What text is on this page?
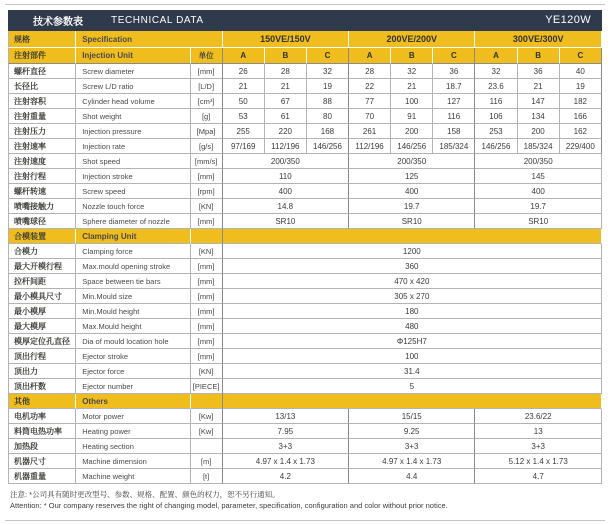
技术参数表 TECHNICAL DATA YE120W											

规格	Specification		150VE/150V			200VE/200V			300VE/300V		
注射部件	Injection Unit	单位	A	B	C	A	B	C	A	B	C
螺杆直径	Screw diameter	[mm]	26	28	32	28	32	36	32	36	40
长径比	Screw L/D ratio	[L/D]	21	21	19	22	21	18.7	23.6	21	19
注射容积	Cylinder head volume	[cm³]	50	67	88	77	100	127	116	147	182
注射重量	Shot weight	[g]	53	61	80	70	91	116	106	134	166
注射压力	Injection pressure	[Mpa]	255	220	168	261	200	158	253	200	162
注射速率	Injection rate	[g/s]	97/169	112/196	146/256	112/196	146/256	185/324	146/256	185/324	229/400
注射速度	Shot speed	[mm/s]	200/350			200/350			200/350		
注射行程	Injection stroke	[mm]	110			125			145		
螺杆转速	Screw speed	[rpm]	400			400			400		
喷嘴接触力	Nozzle touch force	[KN]	14.8			19.7			19.7		
喷嘴球径	Sphere diameter of nozzle	[mm]	SR10			SR10			SR10		
合模装置	Clamping Unit										
合模力	Clamping force	[KN]	1200								
最大开模行程	Max.mould opening stroke	[mm]	360								
拉杆间距	Space between tie bars	[mm]	470 x 420								
最小模具尺寸	Min.Mould size	[mm]	305 x 270								
最小模厚	Min.Mould height	[mm]	180								
最大模厚	Max.Mould height	[mm]	480								
模厚定位孔直径	Dia of mould location hole	[mm]	Φ125H7								
顶出行程	Ejector stroke	[mm]	100								
顶出力	Ejector force	[KN]	31.4								
顶出杆数	Ejector number	[PIECE]	5								
其他	Others										
电机功率	Motor power	[Kw]	13/13			15/15			23.6/22		
料筒电热功率	Heating power	[Kw]	7.95			9.25			13		
加热段	Heating section		3+3			3+3			3+3		
机器尺寸	Machine dimension	[m]	4.97 x 1.4 x 1.73			4.97 x 1.4 x 1.73			5.12 x 1.4 x 1.73		
机器重量	Machine weight	[t]	4.2			4.4			4.7		
注意: *公司具有随时更改型号、参数、规格、配置、颜色的权力，恕不另行通知。
Attention: * Our company reserves the right of changing model, parameter, specification, configuration and color without prior notice.
